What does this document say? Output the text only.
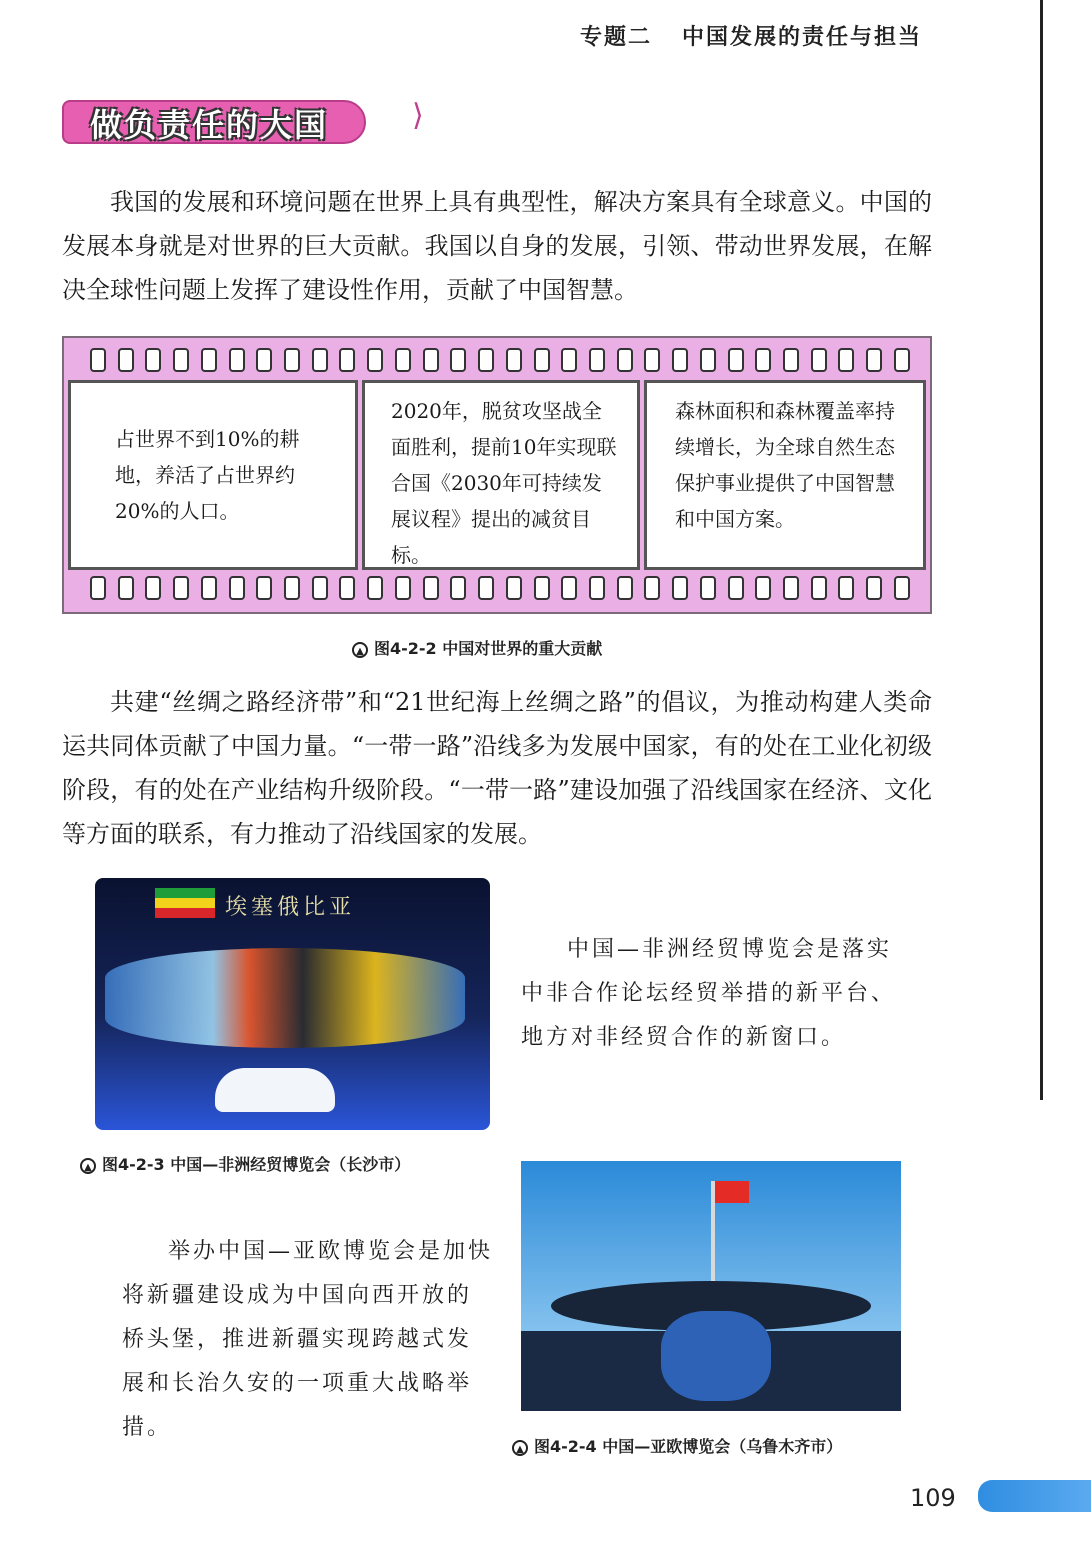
专题二 中国发展的责任与担当
做负责任的大国	⟩
我国的发展和环境问题在世界上具有典型性，解决方案具有全球意义。中国的发展本身就是对世界的巨大贡献。我国以自身的发展，引领、带动世界发展，在解决全球性问题上发挥了建设性作用，贡献了中国智慧。
占世界不到10%的耕地，养活了占世界约20%的人口。
2020年，脱贫攻坚战全面胜利，提前10年实现联合国《2030年可持续发展议程》提出的减贫目标。
森林面积和森林覆盖率持续增长，为全球自然生态保护事业提供了中国智慧和中国方案。
▲ 图4-2-2 中国对世界的重大贡献
共建“丝绸之路经济带”和“21世纪海上丝绸之路”的倡议，为推动构建人类命运共同体贡献了中国力量。“一带一路”沿线多为发展中国家，有的处在工业化初级阶段，有的处在产业结构升级阶段。“一带一路”建设加强了沿线国家在经济、文化等方面的联系，有力推动了沿线国家的发展。
埃塞俄比亚
中国—非洲经贸博览会是落实中非合作论坛经贸举措的新平台、地方对非经贸合作的新窗口。
▲ 图4-2-3 中国—非洲经贸博览会（长沙市）
举办中国—亚欧博览会是加快将新疆建设成为中国向西开放的桥头堡，推进新疆实现跨越式发展和长治久安的一项重大战略举措。
▲ 图4-2-4 中国—亚欧博览会（乌鲁木齐市）
109
